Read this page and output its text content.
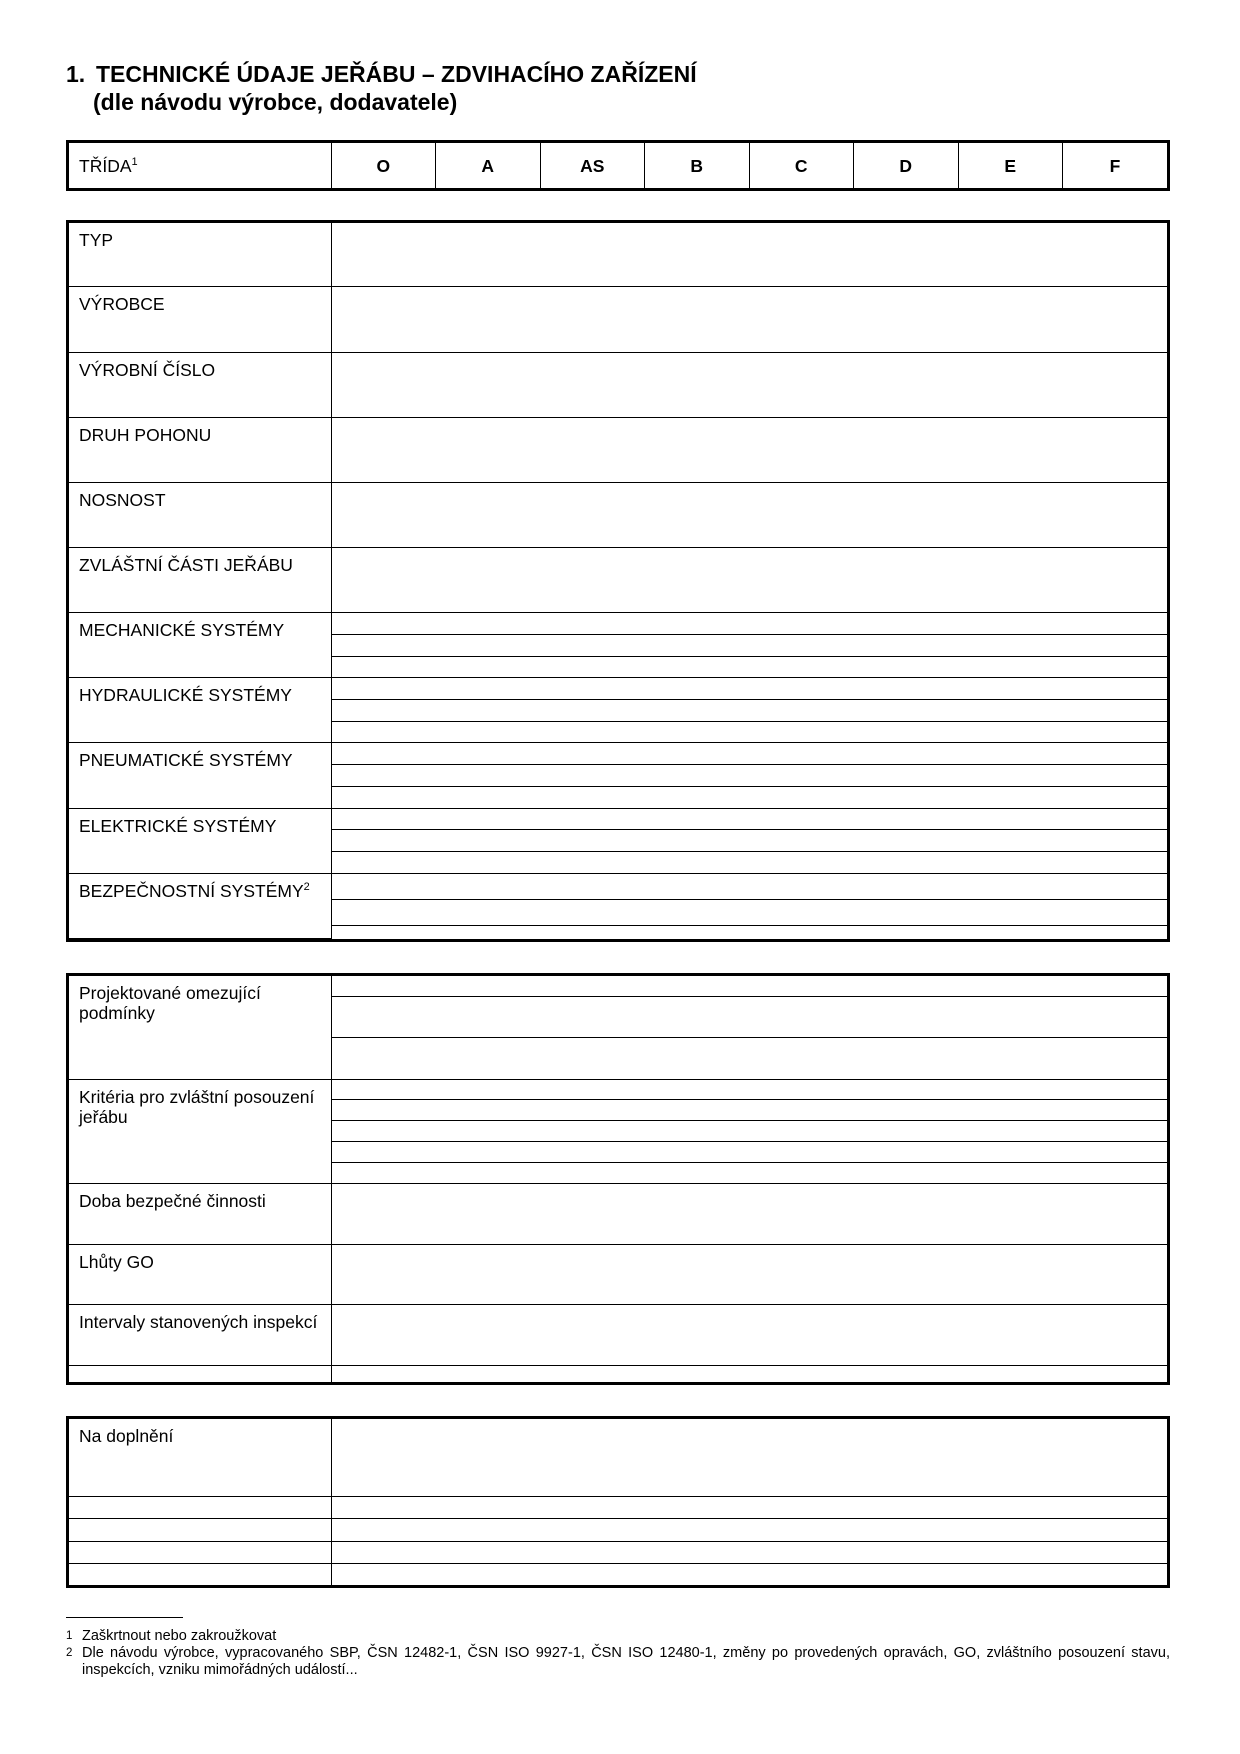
1. TECHNICKÉ ÚDAJE JEŘÁBU – ZDVIHACÍHO ZAŘÍZENÍ
(dle návodu výrobce, dodavatele)
TŘÍDA$^1$	O	A	AS	B	C	D	E	F
TYP	
VÝROBCE	
VÝROBNÍ ČÍSLO	
DRUH POHONU	
NOSNOST	
ZVLÁŠTNÍ ČÁSTI JEŘÁBU	
MECHANICKÉ SYSTÉMY	

HYDRAULICKÉ SYSTÉMY	

PNEUMATICKÉ SYSTÉMY	

ELEKTRICKÉ SYSTÉMY	

BEZPEČNOSTNÍ SYSTÉMY$^2$	

Projektované omezující podmínky	

Kritéria pro zvláštní posouzení
jeřábu	

Doba bezpečné činnosti	
Lhůty GO	
Intervaly stanovených inspekcí	

Na doplnění	

1 Zaškrtnout nebo zakroužkovat
2 Dle návodu výrobce, vypracovaného SBP, ČSN 12482-1, ČSN ISO 9927-1, ČSN ISO 12480-1, změny po provedených opravách, GO, zvláštního posouzení stavu, inspekcích, vzniku mimořádných událostí...
